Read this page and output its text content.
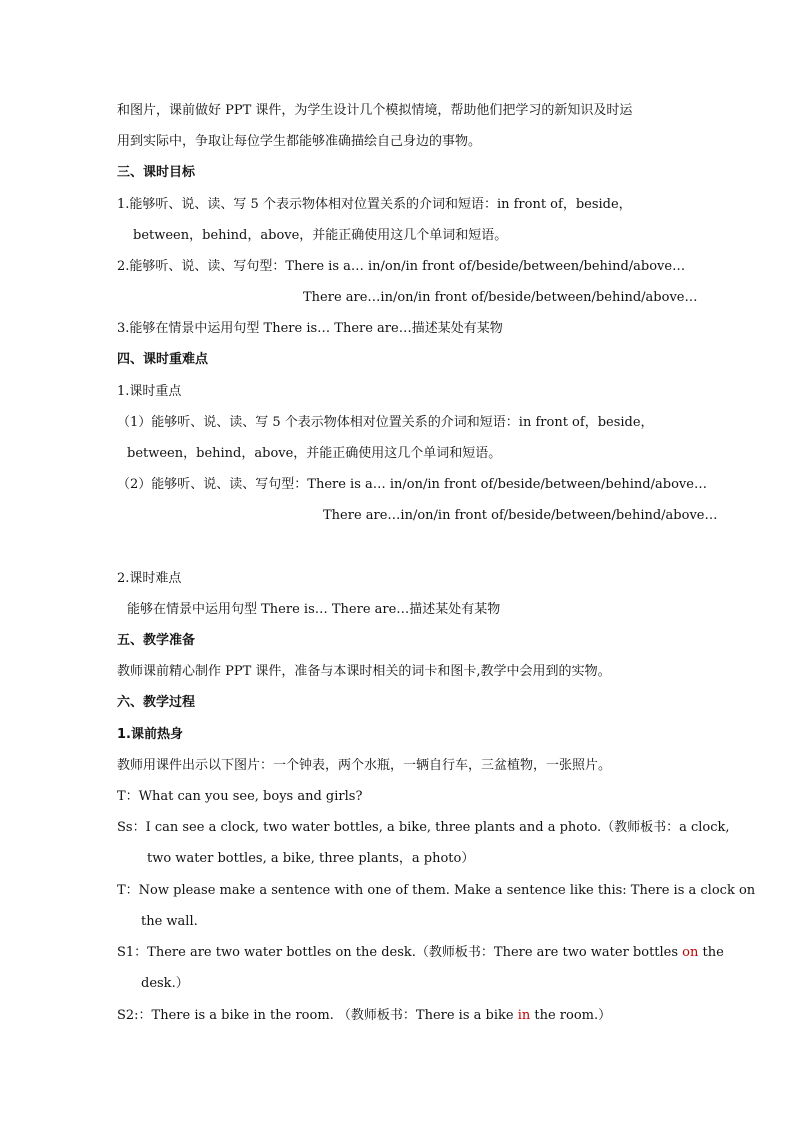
和图片，课前做好 PPT 课件，为学生设计几个模拟情境，帮助他们把学习的新知识及时运
用到实际中，争取让每位学生都能够准确描绘自己身边的事物。
三、课时目标
1.能够听、说、读、写 5 个表示物体相对位置关系的介词和短语：in front of，beside，
between，behind，above，并能正确使用这几个单词和短语。
2.能够听、说、读、写句型：There is a… in/on/in front of/beside/between/behind/above…
There are…in/on/in front of/beside/between/behind/above…
3.能够在情景中运用句型 There is… There are…描述某处有某物
四、课时重难点
1.课时重点
（1）能够听、说、读、写 5 个表示物体相对位置关系的介词和短语：in front of，beside，
between，behind，above，并能正确使用这几个单词和短语。
（2）能够听、说、读、写句型：There is a… in/on/in front of/beside/between/behind/above…
There are…in/on/in front of/beside/between/behind/above…
2.课时难点
能够在情景中运用句型 There is… There are…描述某处有某物
五、教学准备
教师课前精心制作 PPT 课件，准备与本课时相关的词卡和图卡,教学中会用到的实物。
六、教学过程
1.课前热身
教师用课件出示以下图片：一个钟表，两个水瓶，一辆自行车，三盆植物，一张照片。
T：What can you see, boys and girls?
Ss：I can see a clock, two water bottles, a bike, three plants and a photo.（教师板书：a clock,
two water bottles, a bike, three plants，a photo）
T：Now please make a sentence with one of them. Make a sentence like this: There is a clock on
the wall.
S1：There are two water bottles on the desk.（教师板书：There are two water bottles on the
desk.）
S2:：There is a bike in the room. （教师板书：There is a bike in the room.）
